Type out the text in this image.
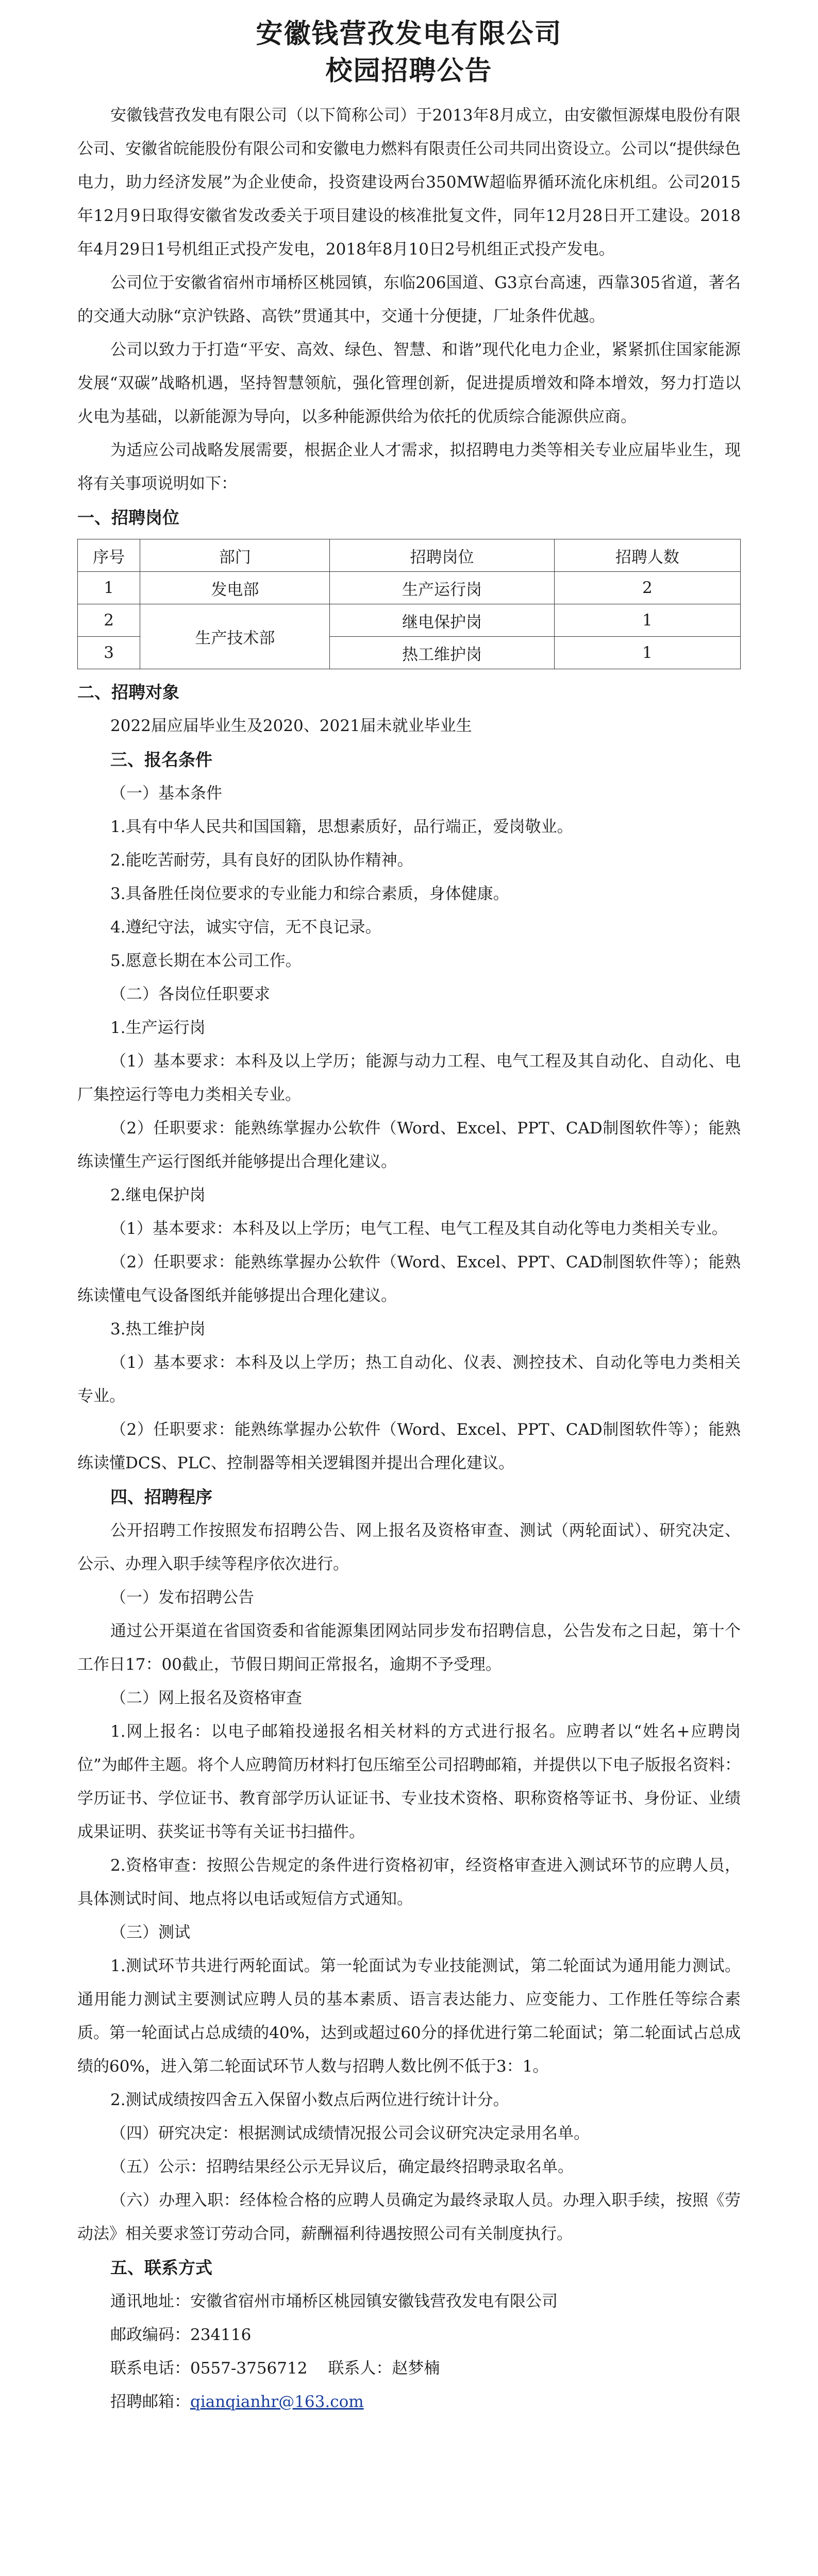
安徽钱营孜发电有限公司
校园招聘公告

安徽钱营孜发电有限公司（以下简称公司）于2013年8月成立，由安徽恒源煤电股份有限公司、安徽省皖能股份有限公司和安徽电力燃料有限责任公司共同出资设立。公司以“提供绿色电力，助力经济发展”为企业使命，投资建设两台350MW超临界循环流化床机组。公司2015年12月9日取得安徽省发改委关于项目建设的核准批复文件，同年12月28日开工建设。2018年4月29日1号机组正式投产发电，2018年8月10日2号机组正式投产发电。

公司位于安徽省宿州市埇桥区桃园镇，东临206国道、G3京台高速，西靠305省道，著名的交通大动脉“京沪铁路、高铁”贯通其中，交通十分便捷，厂址条件优越。

公司以致力于打造“平安、高效、绿色、智慧、和谐”现代化电力企业，紧紧抓住国家能源发展“双碳”战略机遇，坚持智慧领航，强化管理创新，促进提质增效和降本增效，努力打造以火电为基础，以新能源为导向，以多种能源供给为依托的优质综合能源供应商。

为适应公司战略发展需要，根据企业人才需求，拟招聘电力类等相关专业应届毕业生，现将有关事项说明如下：

一、招聘岗位

序号	部门	招聘岗位	招聘人数
1	发电部	生产运行岗	2
2	生产技术部	继电保护岗	1
3		热工维护岗	1

二、招聘对象

2022届应届毕业生及2020、2021届未就业毕业生

三、报名条件

（一）基本条件

1.具有中华人民共和国国籍，思想素质好，品行端正，爱岗敬业。

2.能吃苦耐劳，具有良好的团队协作精神。

3.具备胜任岗位要求的专业能力和综合素质，身体健康。

4.遵纪守法，诚实守信，无不良记录。

5.愿意长期在本公司工作。

（二）各岗位任职要求

1.生产运行岗

（1）基本要求：本科及以上学历；能源与动力工程、电气工程及其自动化、自动化、电厂集控运行等电力类相关专业。

（2）任职要求：能熟练掌握办公软件（Word、Excel、PPT、CAD制图软件等）；能熟练读懂生产运行图纸并能够提出合理化建议。

2.继电保护岗

（1）基本要求：本科及以上学历；电气工程、电气工程及其自动化等电力类相关专业。

（2）任职要求：能熟练掌握办公软件（Word、Excel、PPT、CAD制图软件等）；能熟练读懂电气设备图纸并能够提出合理化建议。

3.热工维护岗

（1）基本要求：本科及以上学历；热工自动化、仪表、测控技术、自动化等电力类相关专业。

（2）任职要求：能熟练掌握办公软件（Word、Excel、PPT、CAD制图软件等）；能熟练读懂DCS、PLC、控制器等相关逻辑图并提出合理化建议。

四、招聘程序

公开招聘工作按照发布招聘公告、网上报名及资格审查、测试（两轮面试）、研究决定、公示、办理入职手续等程序依次进行。

（一）发布招聘公告

通过公开渠道在省国资委和省能源集团网站同步发布招聘信息，公告发布之日起，第十个工作日17：00截止，节假日期间正常报名，逾期不予受理。

（二）网上报名及资格审查

1.网上报名：以电子邮箱投递报名相关材料的方式进行报名。应聘者以“姓名+应聘岗位”为邮件主题。将个人应聘简历材料打包压缩至公司招聘邮箱，并提供以下电子版报名资料：学历证书、学位证书、教育部学历认证证书、专业技术资格、职称资格等证书、身份证、业绩成果证明、获奖证书等有关证书扫描件。

2.资格审查：按照公告规定的条件进行资格初审，经资格审查进入测试环节的应聘人员，具体测试时间、地点将以电话或短信方式通知。

（三）测试

1.测试环节共进行两轮面试。第一轮面试为专业技能测试，第二轮面试为通用能力测试。通用能力测试主要测试应聘人员的基本素质、语言表达能力、应变能力、工作胜任等综合素质。第一轮面试占总成绩的40%，达到或超过60分的择优进行第二轮面试；第二轮面试占总成绩的60%，进入第二轮面试环节人数与招聘人数比例不低于3：1。

2.测试成绩按四舍五入保留小数点后两位进行统计计分。

（四）研究决定：根据测试成绩情况报公司会议研究决定录用名单。

（五）公示：招聘结果经公示无异议后，确定最终招聘录取名单。

（六）办理入职：经体检合格的应聘人员确定为最终录取人员。办理入职手续，按照《劳动法》相关要求签订劳动合同，薪酬福利待遇按照公司有关制度执行。

五、联系方式

通讯地址：安徽省宿州市埇桥区桃园镇安徽钱营孜发电有限公司

邮政编码：234116

联系电话：0557-3756712 联系人：赵梦楠

招聘邮箱：qianqianhr@163.com
